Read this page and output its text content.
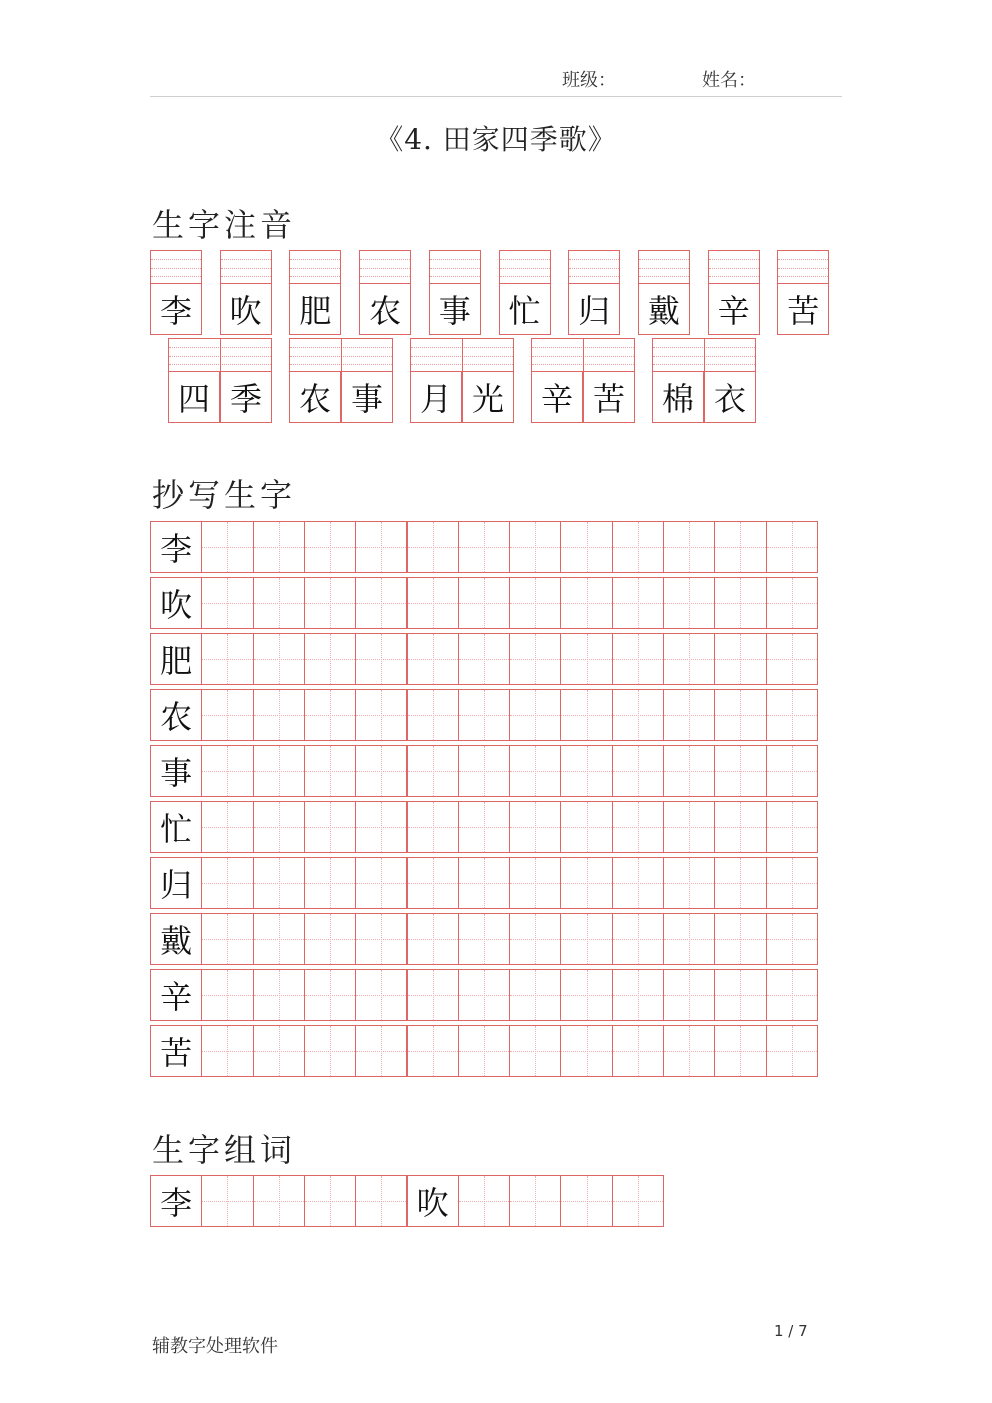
班级：	姓名：
《4. 田家四季歌》
生字注音
李 吹 肥 农 事 忙 归 戴 辛 苦
四 季 农 事 月 光 辛 苦 棉 衣
抄写生字
李
吹
肥
农
事
忙
归
戴
辛
苦
生字组词
李	吹
辅教字处理软件
1 / 7
